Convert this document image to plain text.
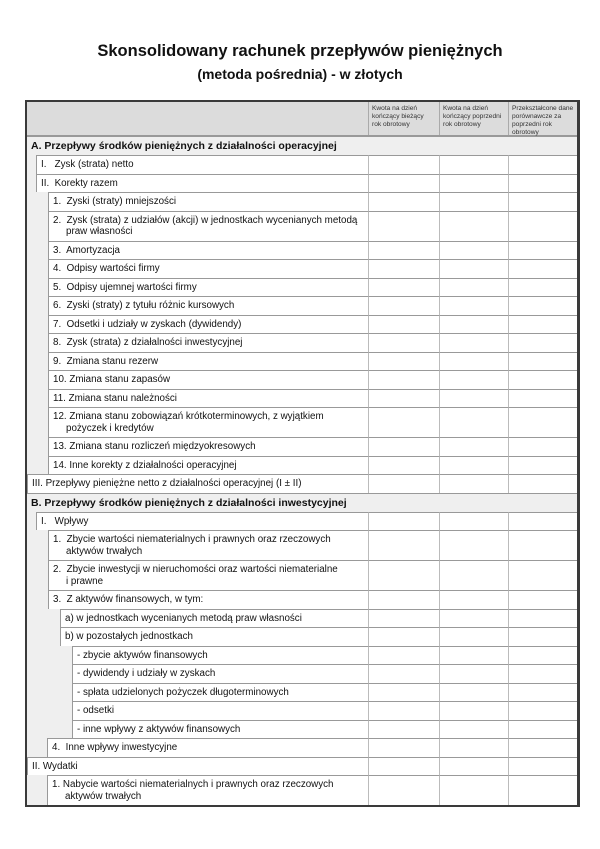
Skonsolidowany rachunek przepływów pieniężnych
(metoda pośrednia) - w złotych
Kwota na dzień
kończący bieżący
rok obrotowy
Kwota na dzień
kończący poprzedni
rok obrotowy
Przekształcone dane
porównawcze za
poprzedni rok obrotowy
A. Przepływy środków pieniężnych z działalności operacyjnej
I.   Zysk (strata) netto
II.  Korekty razem
1.  Zyski (straty) mniejszości
2.  Zysk (strata) z udziałów (akcji) w jednostkach wycenianych metodą
praw własności
3.  Amortyzacja
4.  Odpisy wartości firmy
5.  Odpisy ujemnej wartości firmy
6.  Zyski (straty) z tytułu różnic kursowych
7.  Odsetki i udziały w zyskach (dywidendy)
8.  Zysk (strata) z działalności inwestycyjnej
9.  Zmiana stanu rezerw
10. Zmiana stanu zapasów
11. Zmiana stanu należności
12. Zmiana stanu zobowiązań krótkoterminowych, z wyjątkiem
pożyczek i kredytów
13. Zmiana stanu rozliczeń międzyokresowych
14. Inne korekty z działalności operacyjnej
III. Przepływy pieniężne netto z działalności operacyjnej (I ± II)
B. Przepływy środków pieniężnych z działalności inwestycyjnej
I.   Wpływy
1.  Zbycie wartości niematerialnych i prawnych oraz rzeczowych
aktywów trwałych
2.  Zbycie inwestycji w nieruchomości oraz wartości niematerialne
i prawne
3.  Z aktywów finansowych, w tym:
a) w jednostkach wycenianych metodą praw własności
b) w pozostałych jednostkach
- zbycie aktywów finansowych
- dywidendy i udziały w zyskach
- spłata udzielonych pożyczek długoterminowych
- odsetki
- inne wpływy z aktywów finansowych
4.  Inne wpływy inwestycyjne
II. Wydatki
1. Nabycie wartości niematerialnych i prawnych oraz rzeczowych
aktywów trwałych
